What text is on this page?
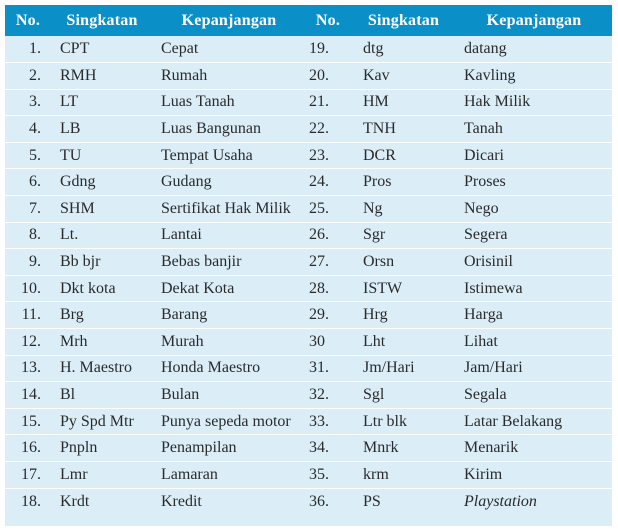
No.	Singkatan	Kepanjangan	No.	Singkatan	Kepanjangan
1.	CPT	Cepat	19.	dtg	datang
2.	RMH	Rumah	20.	Kav	Kavling
3.	LT	Luas Tanah	21.	HM	Hak Milik
4.	LB	Luas Bangunan	22.	TNH	Tanah
5.	TU	Tempat Usaha	23.	DCR	Dicari
6.	Gdng	Gudang	24.	Pros	Proses
7.	SHM	Sertifikat Hak Milik	25.	Ng	Nego
8.	Lt.	Lantai	26.	Sgr	Segera
9.	Bb bjr	Bebas banjir	27.	Orsn	Orisinil
10.	Dkt kota	Dekat Kota	28.	ISTW	Istimewa
11.	Brg	Barang	29.	Hrg	Harga
12.	Mrh	Murah	30	Lht	Lihat
13.	H. Maestro	Honda Maestro	31.	Jm/Hari	Jam/Hari
14.	Bl	Bulan	32.	Sgl	Segala
15.	Py Spd Mtr	Punya sepeda motor	33.	Ltr blk	Latar Belakang
16.	Pnpln	Penampilan	34.	Mnrk	Menarik
17.	Lmr	Lamaran	35.	krm	Kirim
18.	Krdt	Kredit	36.	PS	Playstation
